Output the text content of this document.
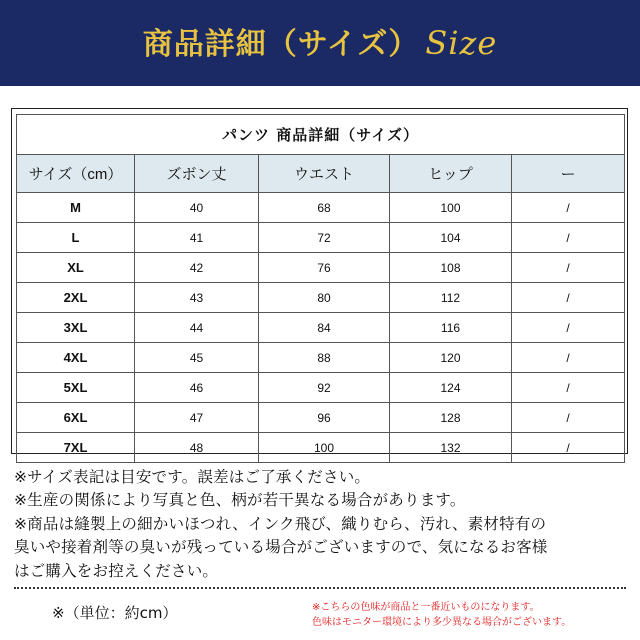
商品詳細（サイズ） Size
パンツ 商品詳細（サイズ）				
サイズ（cm）	ズボン丈	ウエスト	ヒップ	ー
M	40	68	100	/
L	41	72	104	/
XL	42	76	108	/
2XL	43	80	112	/
3XL	44	84	116	/
4XL	45	88	120	/
5XL	46	92	124	/
6XL	47	96	128	/
7XL	48	100	132	/
※サイズ表記は目安です。誤差はご了承ください。
※生産の関係により写真と色、柄が若干異なる場合があります。
※商品は縫製上の細かいほつれ、インク飛び、織りむら、汚れ、素材特有の
臭いや接着剤等の臭いが残っている場合がございますので、気になるお客様
はご購入をお控えください。
※（単位：約cm）	※こちらの色味が商品と一番近いものになります。
色味はモニター環境により多少異なる場合がございます。
